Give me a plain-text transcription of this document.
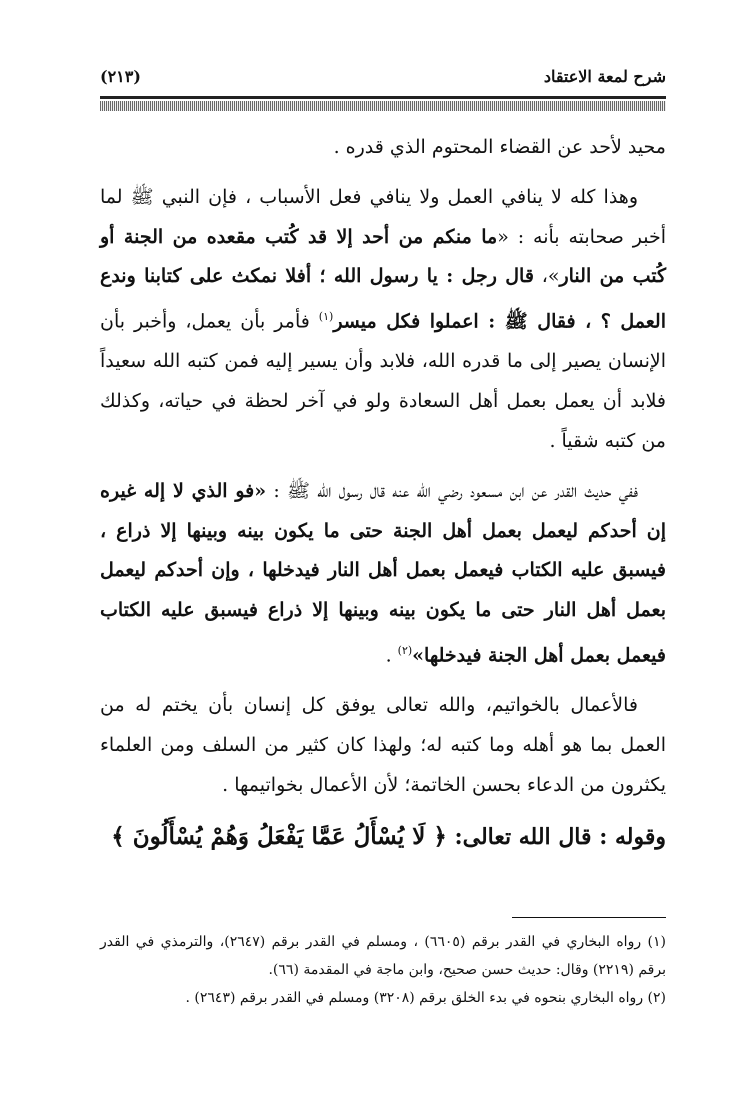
شرح لمعة الاعتقاد
(٢١٣)

محيد لأحد عن القضاء المحتوم الذي قدره .

وهذا كله لا ينافي العمل ولا ينافي فعل الأسباب ، فإن النبي ﷺ لما أخبر صحابته بأنه : «ما منكم من أحد إلا قد كُتب مقعده من الجنة أو كُتب من النار»، قال رجل : يا رسول الله ؛ أفلا نمكث على كتابنا وندع العمل ؟ ، فقال ﷺ : اعملوا فكل ميسر$^{(١)}$ فأمر بأن يعمل، وأخبر بأن الإنسان يصير إلى ما قدره الله، فلابد وأن يسير إليه فمن كتبه الله سعيداً فلابد أن يعمل بعمل أهل السعادة ولو في آخر لحظة في حياته، وكذلك من كتبه شقياً .

ففي حديث القدر عن ابن مسعود رضي الله عنه قال رسول الله ﷺ : «فو الذي لا إله غيره إن أحدكم ليعمل بعمل أهل الجنة حتى ما يكون بينه وبينها إلا ذراع ، فيسبق عليه الكتاب فيعمل بعمل أهل النار فيدخلها ، وإن أحدكم ليعمل بعمل أهل النار حتى ما يكون بينه وبينها إلا ذراع فيسبق عليه الكتاب فيعمل بعمل أهل الجنة فيدخلها»$^{(٢)}$ .

فالأعمال بالخواتيم، والله تعالى يوفق كل إنسان بأن يختم له من العمل بما هو أهله وما كتبه له؛ ولهذا كان كثير من السلف ومن العلماء يكثرون من الدعاء بحسن الخاتمة؛ لأن الأعمال بخواتيمها .

وقوله : قال الله تعالى: ﴿ لَا يُسْأَلُ عَمَّا يَفْعَلُ وَهُمْ يُسْأَلُونَ ﴾

(١) رواه البخاري في القدر برقم (٦٦٠٥) ، ومسلم في القدر برقم (٢٦٤٧)، والترمذي في القدر برقم (٢٢١٩) وقال: حديث حسن صحيح، وابن ماجة في المقدمة (٦٦).

(٢) رواه البخاري بنحوه في بدء الخلق برقم (٣٢٠٨) ومسلم في القدر برقم (٢٦٤٣) .
